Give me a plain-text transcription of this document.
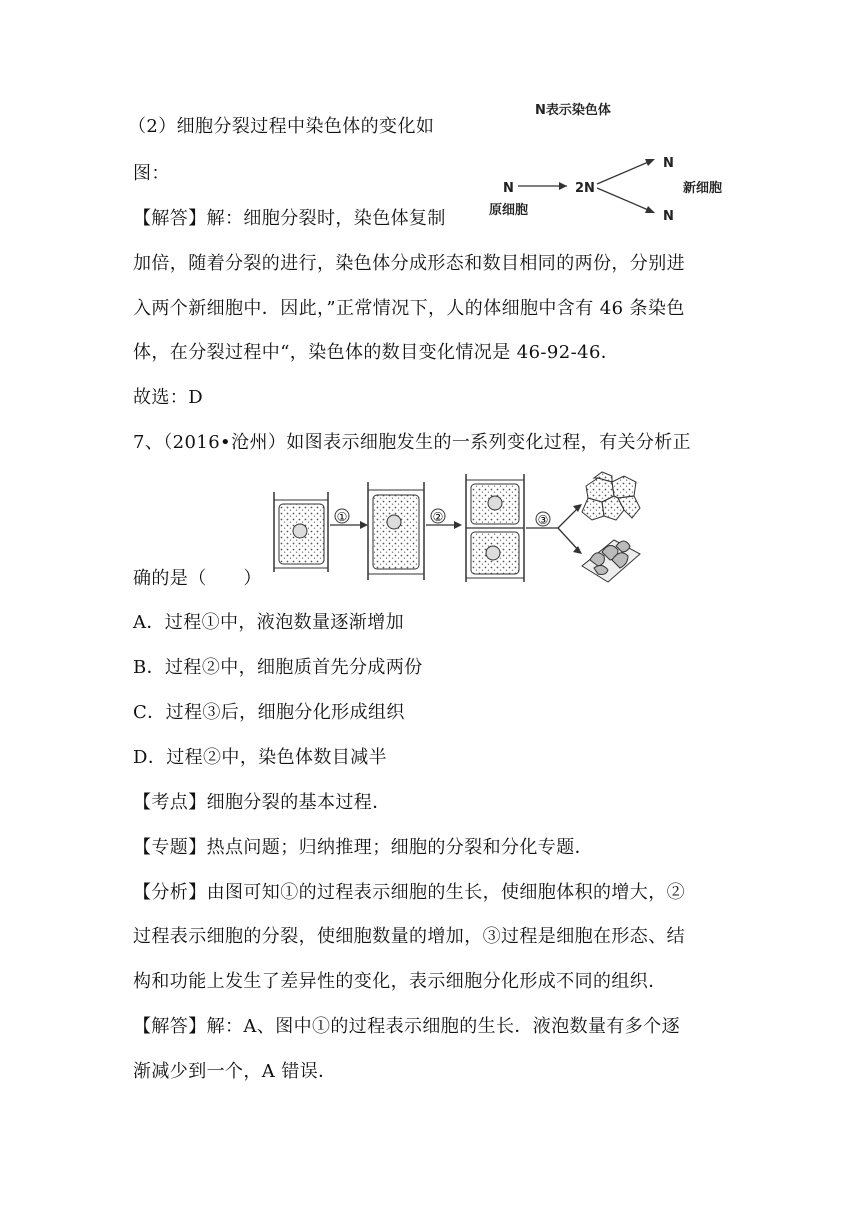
（2）细胞分裂过程中染色体的变化如
图：
【解答】解：细胞分裂时，染色体复制
N表示染色体
N
原细胞
2N
N
N
新细胞
加倍，随着分裂的进行，染色体分成形态和数目相同的两份，分别进
入两个新细胞中．因此，”正常情况下，人的体细胞中含有 46 条染色
体，在分裂过程中“，染色体的数目变化情况是 46-92-46．
故选：D
7、（2016•沧州）如图表示细胞发生的一系列变化过程，有关分析正
①	②	③
确的是（　　）
A．过程①中，液泡数量逐渐增加
B．过程②中，细胞质首先分成两份
C．过程③后，细胞分化形成组织
D．过程②中，染色体数目减半
【考点】细胞分裂的基本过程．
【专题】热点问题；归纳推理；细胞的分裂和分化专题．
【分析】由图可知①的过程表示细胞的生长，使细胞体积的增大，②
过程表示细胞的分裂，使细胞数量的增加，③过程是细胞在形态、结
构和功能上发生了差异性的变化，表示细胞分化形成不同的组织．
【解答】解：A、图中①的过程表示细胞的生长．液泡数量有多个逐
渐减少到一个，A 错误．
